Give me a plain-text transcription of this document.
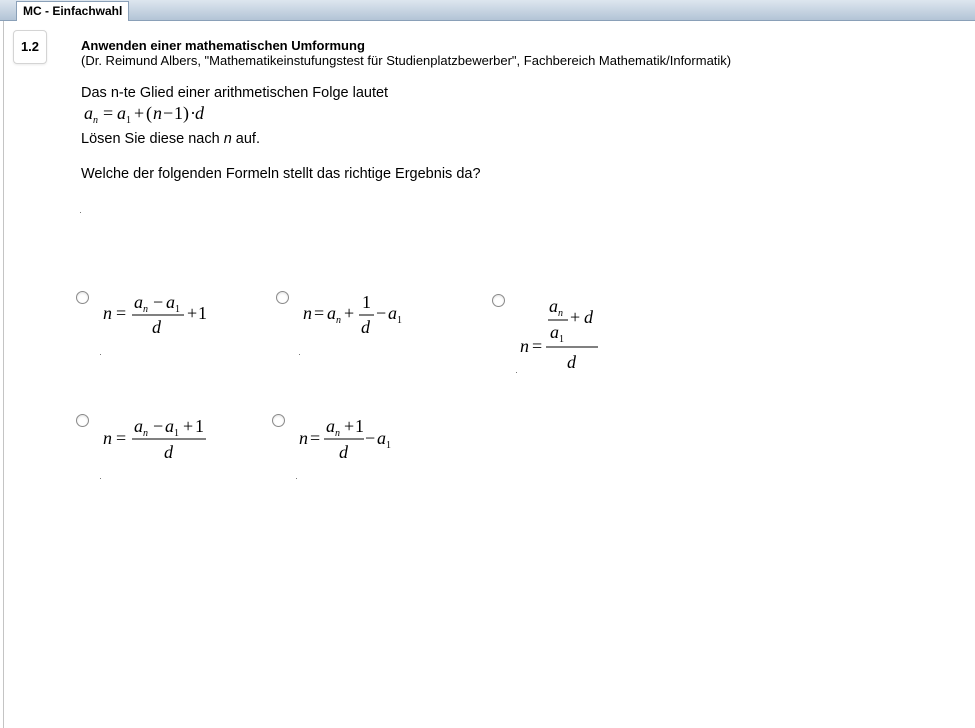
MC - Einfachwahl
1.2	Anwenden einer mathematischen Umformung
(Dr. Reimund Albers, "Mathematikeinstufungstest für Studienplatzbewerber", Fachbereich Mathematik/Informatik)
Das n-te Glied einer arithmetischen Folge lautet
a n = a 1 + ( n − 1 ) · d
Lösen Sie diese nach n auf.
Welche der folgenden Formeln stellt das richtige Ergebnis da?
n =
a n − a 1
d
+ 1	n = a n +
1
d
− a 1
a n
a 1
+ d
n =
d
n =
a n − a 1 + 1
d
n =
a n + 1
d
− a 1
